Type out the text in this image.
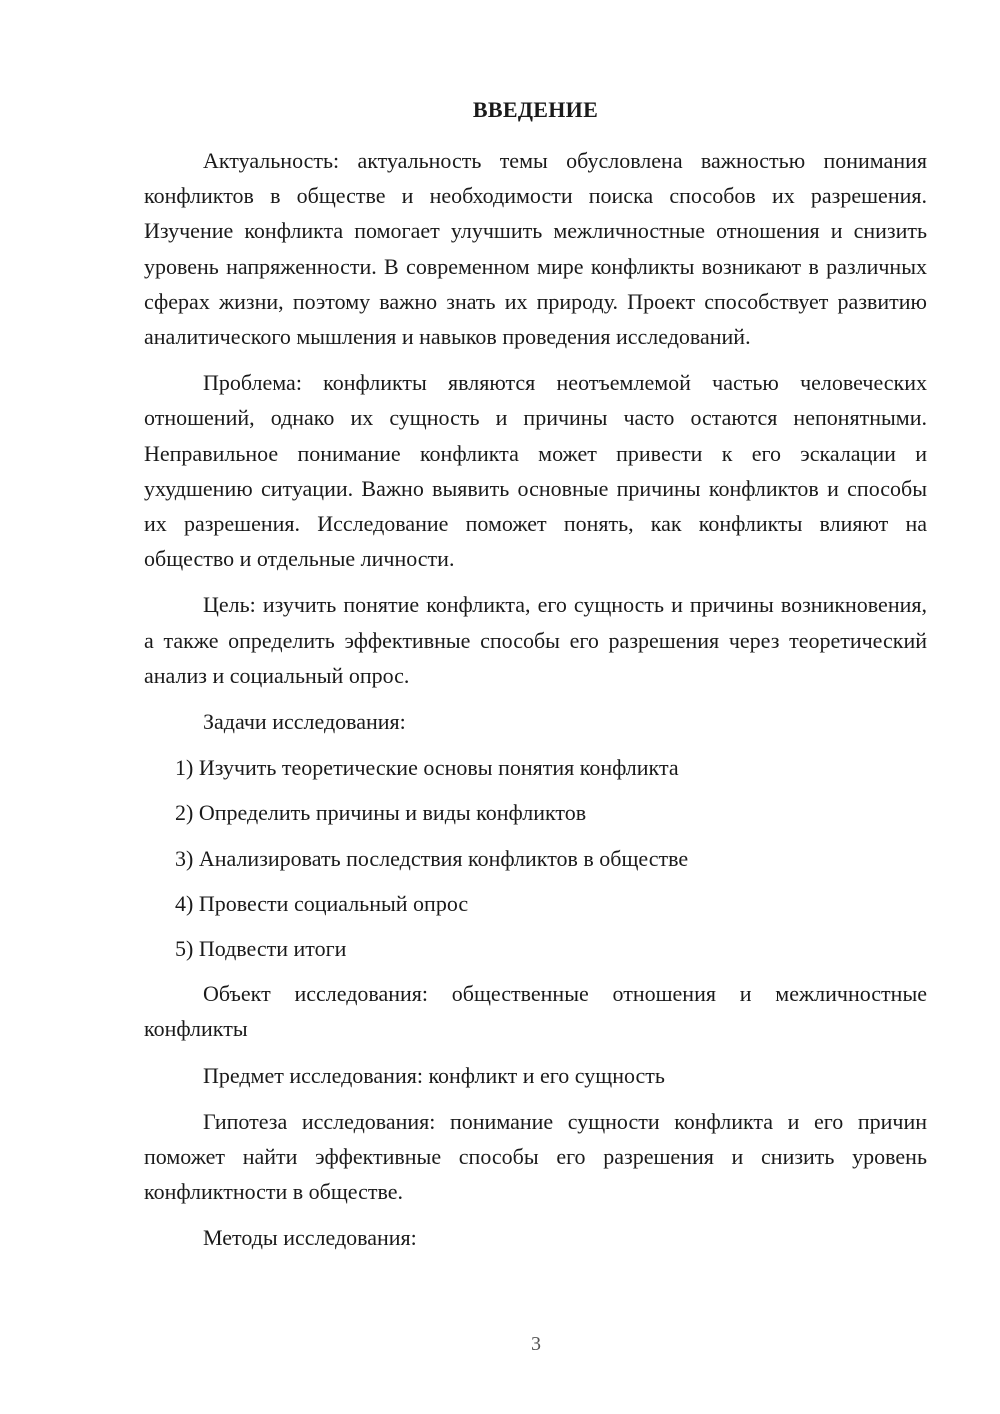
ВВЕДЕНИЕ

Актуальность: актуальность темы обусловлена важностью понимания конфликтов в обществе и необходимости поиска способов их разрешения. Изучение конфликта помогает улучшить межличностные отношения и снизить уровень напряженности. В современном мире конфликты возникают в различных сферах жизни, поэтому важно знать их природу. Проект способствует развитию аналитического мышления и навыков проведения исследований.

Проблема: конфликты являются неотъемлемой частью человеческих отношений, однако их сущность и причины часто остаются непонятными. Неправильное понимание конфликта может привести к его эскалации и ухудшению ситуации. Важно выявить основные причины конфликтов и способы их разрешения. Исследование поможет понять, как конфликты влияют на общество и отдельные личности.

Цель: изучить понятие конфликта, его сущность и причины возникновения, а также определить эффективные способы его разрешения через теоретический анализ и социальный опрос.

Задачи исследования:

1) Изучить теоретические основы понятия конфликта
2) Определить причины и виды конфликтов
3) Анализировать последствия конфликтов в обществе
4) Провести социальный опрос
5) Подвести итоги

Объект исследования: общественные отношения и межличностные конфликты

Предмет исследования: конфликт и его сущность

Гипотеза исследования: понимание сущности конфликта и его причин поможет найти эффективные способы его разрешения и снизить уровень конфликтности в обществе.

Методы исследования:

3
